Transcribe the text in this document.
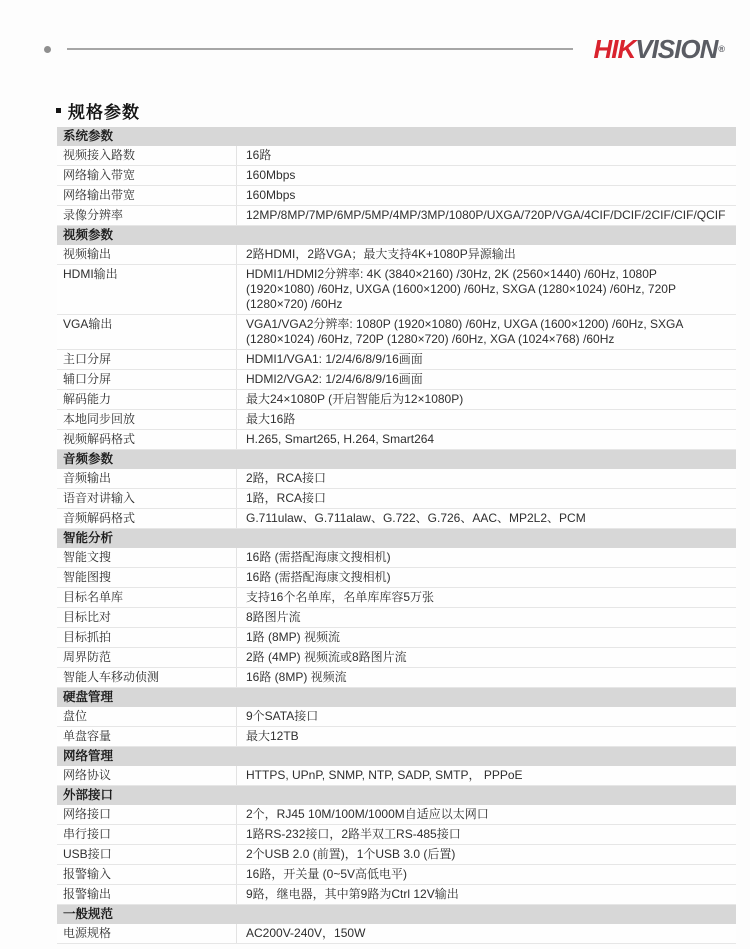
HIKVISION®
规格参数
系统参数
视频接入路数	16路
网络输入带宽	160Mbps
网络输出带宽	160Mbps
录像分辨率	12MP/8MP/7MP/6MP/5MP/4MP/3MP/1080P/UXGA/720P/VGA/4CIF/DCIF/2CIF/CIF/QCIF
视频参数
视频输出	2路HDMI，2路VGA；最大支持4K+1080P异源输出
HDMI输出	HDMI1/HDMI2分辨率: 4K (3840×2160) /30Hz, 2K (2560×1440) /60Hz, 1080P (1920×1080) /60Hz, UXGA (1600×1200) /60Hz, SXGA (1280×1024) /60Hz, 720P (1280×720) /60Hz
VGA输出	VGA1/VGA2分辨率: 1080P (1920×1080) /60Hz, UXGA (1600×1200) /60Hz, SXGA (1280×1024) /60Hz, 720P (1280×720) /60Hz, XGA (1024×768) /60Hz
主口分屏	HDMI1/VGA1: 1/2/4/6/8/9/16画面
辅口分屏	HDMI2/VGA2: 1/2/4/6/8/9/16画面
解码能力	最大24×1080P (开启智能后为12×1080P)
本地同步回放	最大16路
视频解码格式	H.265, Smart265, H.264, Smart264
音频参数
音频输出	2路，RCA接口
语音对讲输入	1路，RCA接口
音频解码格式	G.711ulaw、G.711alaw、G.722、G.726、AAC、MP2L2、PCM
智能分析
智能文搜	16路 (需搭配海康文搜相机)
智能图搜	16路 (需搭配海康文搜相机)
目标名单库	支持16个名单库，名单库库容5万张
目标比对	8路图片流
目标抓拍	1路 (8MP) 视频流
周界防范	2路 (4MP) 视频流或8路图片流
智能人车移动侦测	16路 (8MP) 视频流
硬盘管理
盘位	9个SATA接口
单盘容量	最大12TB
网络管理
网络协议	HTTPS, UPnP, SNMP, NTP, SADP, SMTP， PPPoE
外部接口
网络接口	2个，RJ45 10M/100M/1000M自适应以太网口
串行接口	1路RS-232接口，2路半双工RS-485接口
USB接口	2个USB 2.0 (前置)，1个USB 3.0 (后置)
报警输入	16路，开关量 (0~5V高低电平)
报警输出	9路，继电器，其中第9路为Ctrl 12V输出
一般规范
电源规格	AC200V-240V，150W
